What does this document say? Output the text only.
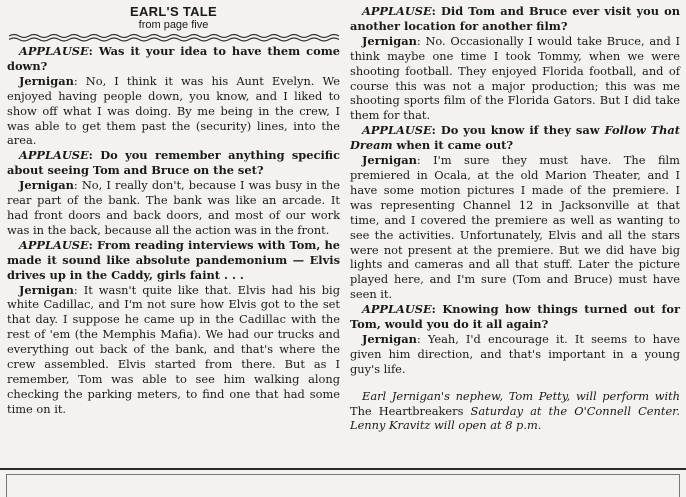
EARL'S TALE
from page five

APPLAUSE: Was it your idea to have them come down?

Jernigan: No, I think it was his Aunt Evelyn. We enjoyed having people down, you know, and I liked to show off what I was doing. By me being in the crew, I was able to get them past the (security) lines, into the area.

APPLAUSE: Do you remember anything specific about seeing Tom and Bruce on the set?

Jernigan: No, I really don't, because I was busy in the rear part of the bank. The bank was like an arcade. It had front doors and back doors, and most of our work was in the back, because all the action was in the front.

APPLAUSE: From reading interviews with Tom, he made it sound like absolute pandemonium — Elvis drives up in the Caddy, girls faint . . .

Jernigan: It wasn't quite like that. Elvis had his big white Cadillac, and I'm not sure how Elvis got to the set that day. I suppose he came up in the Cadillac with the rest of 'em (the Memphis Mafia). We had our trucks and everything out back of the bank, and that's where the crew assembled. Elvis started from there. But as I remember, Tom was able to see him walking along checking the parking meters, to find one that had some time on it.

APPLAUSE: Did Tom and Bruce ever visit you on another location for another film?

Jernigan: No. Occasionally I would take Bruce, and I think maybe one time I took Tommy, when we were shooting football. They enjoyed Florida football, and of course this was not a major production; this was me shooting sports film of the Florida Gators. But I did take them for that.

APPLAUSE: Do you know if they saw Follow That Dream when it came out?

Jernigan: I'm sure they must have. The film premiered in Ocala, at the old Marion Theater, and I have some motion pictures I made of the premiere. I was representing Channel 12 in Jacksonville at that time, and I covered the premiere as well as wanting to see the activities. Unfortunately, Elvis and all the stars were not present at the premiere. But we did have big lights and cameras and all that stuff. Later the picture played here, and I'm sure (Tom and Bruce) must have seen it.

APPLAUSE: Knowing how things turned out for Tom, would you do it all again?

Jernigan: Yeah, I'd encourage it. It seems to have given him direction, and that's important in a young guy's life.

Earl Jernigan's nephew, Tom Petty, will perform with The Heartbreakers Saturday at the O'Connell Center. Lenny Kravitz will open at 8 p.m.
